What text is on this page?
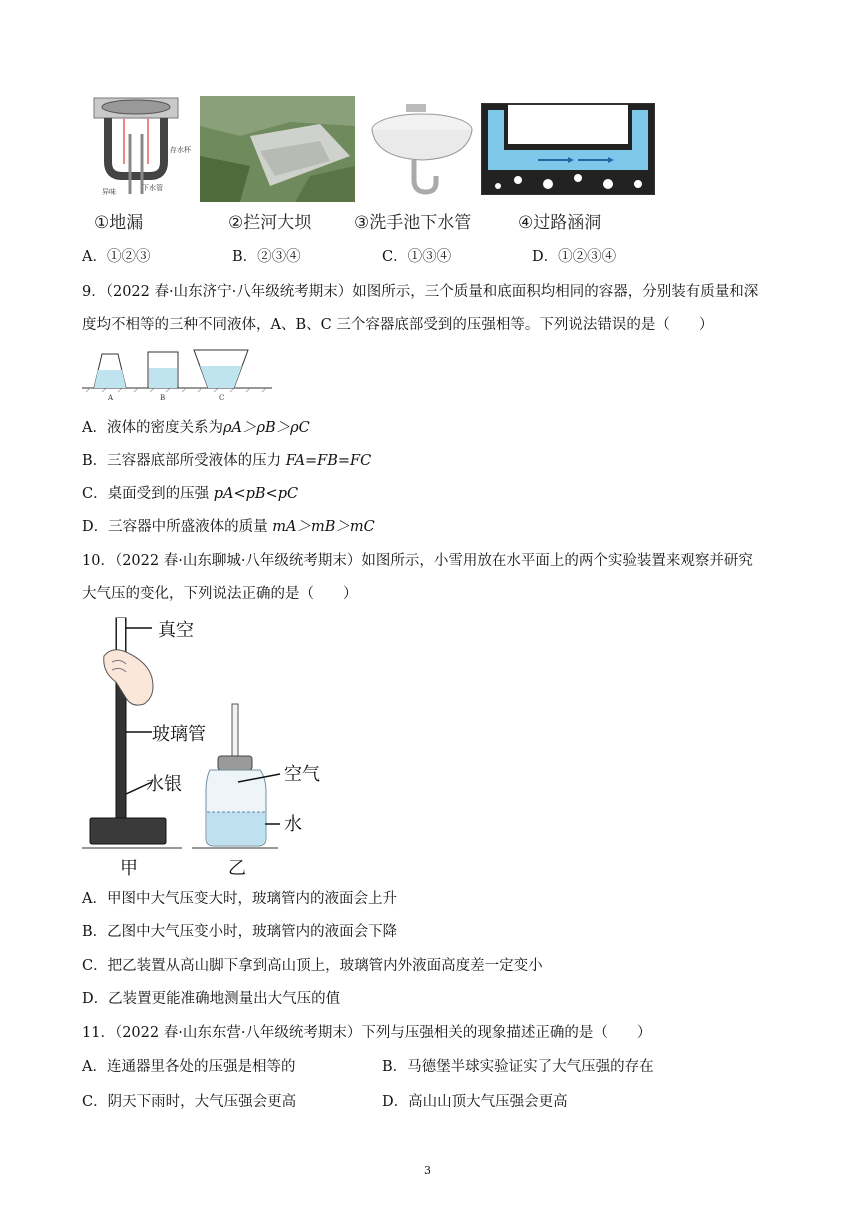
存水杯
异味	下水管
①地漏	②拦河大坝	③洗手池下水管	④过路涵洞
A．①②③	B．②③④	C．①③④	D．①②③④
9．（2022 春·山东济宁·八年级统考期末）如图所示，三个质量和底面积均相同的容器，分别装有质量和深
度均不相等的三种不同液体，A、B、C 三个容器底部受到的压强相等。下列说法错误的是（　　）
A	B	C
A．液体的密度关系为ρA＞ρB＞ρC
B．三容器底部所受液体的压力 FA=FB=FC
C．桌面受到的压强 pA<pB<pC
D．三容器中所盛液体的质量 mA＞mB＞mC
10．（2022 春·山东聊城·八年级统考期末）如图所示，小雪用放在水平面上的两个实验装置来观察并研究
大气压的变化，下列说法正确的是（　　）
真空
玻璃管
水银	空气
水
甲	乙
A．甲图中大气压变大时，玻璃管内的液面会上升
B．乙图中大气压变小时，玻璃管内的液面会下降
C．把乙装置从高山脚下拿到高山顶上，玻璃管内外液面高度差一定变小
D．乙装置更能准确地测量出大气压的值
11．（2022 春·山东东营·八年级统考期末）下列与压强相关的现象描述正确的是（　　）
A．连通器里各处的压强是相等的	B．马德堡半球实验证实了大气压强的存在
C．阴天下雨时，大气压强会更高	D．高山山顶大气压强会更高
3
